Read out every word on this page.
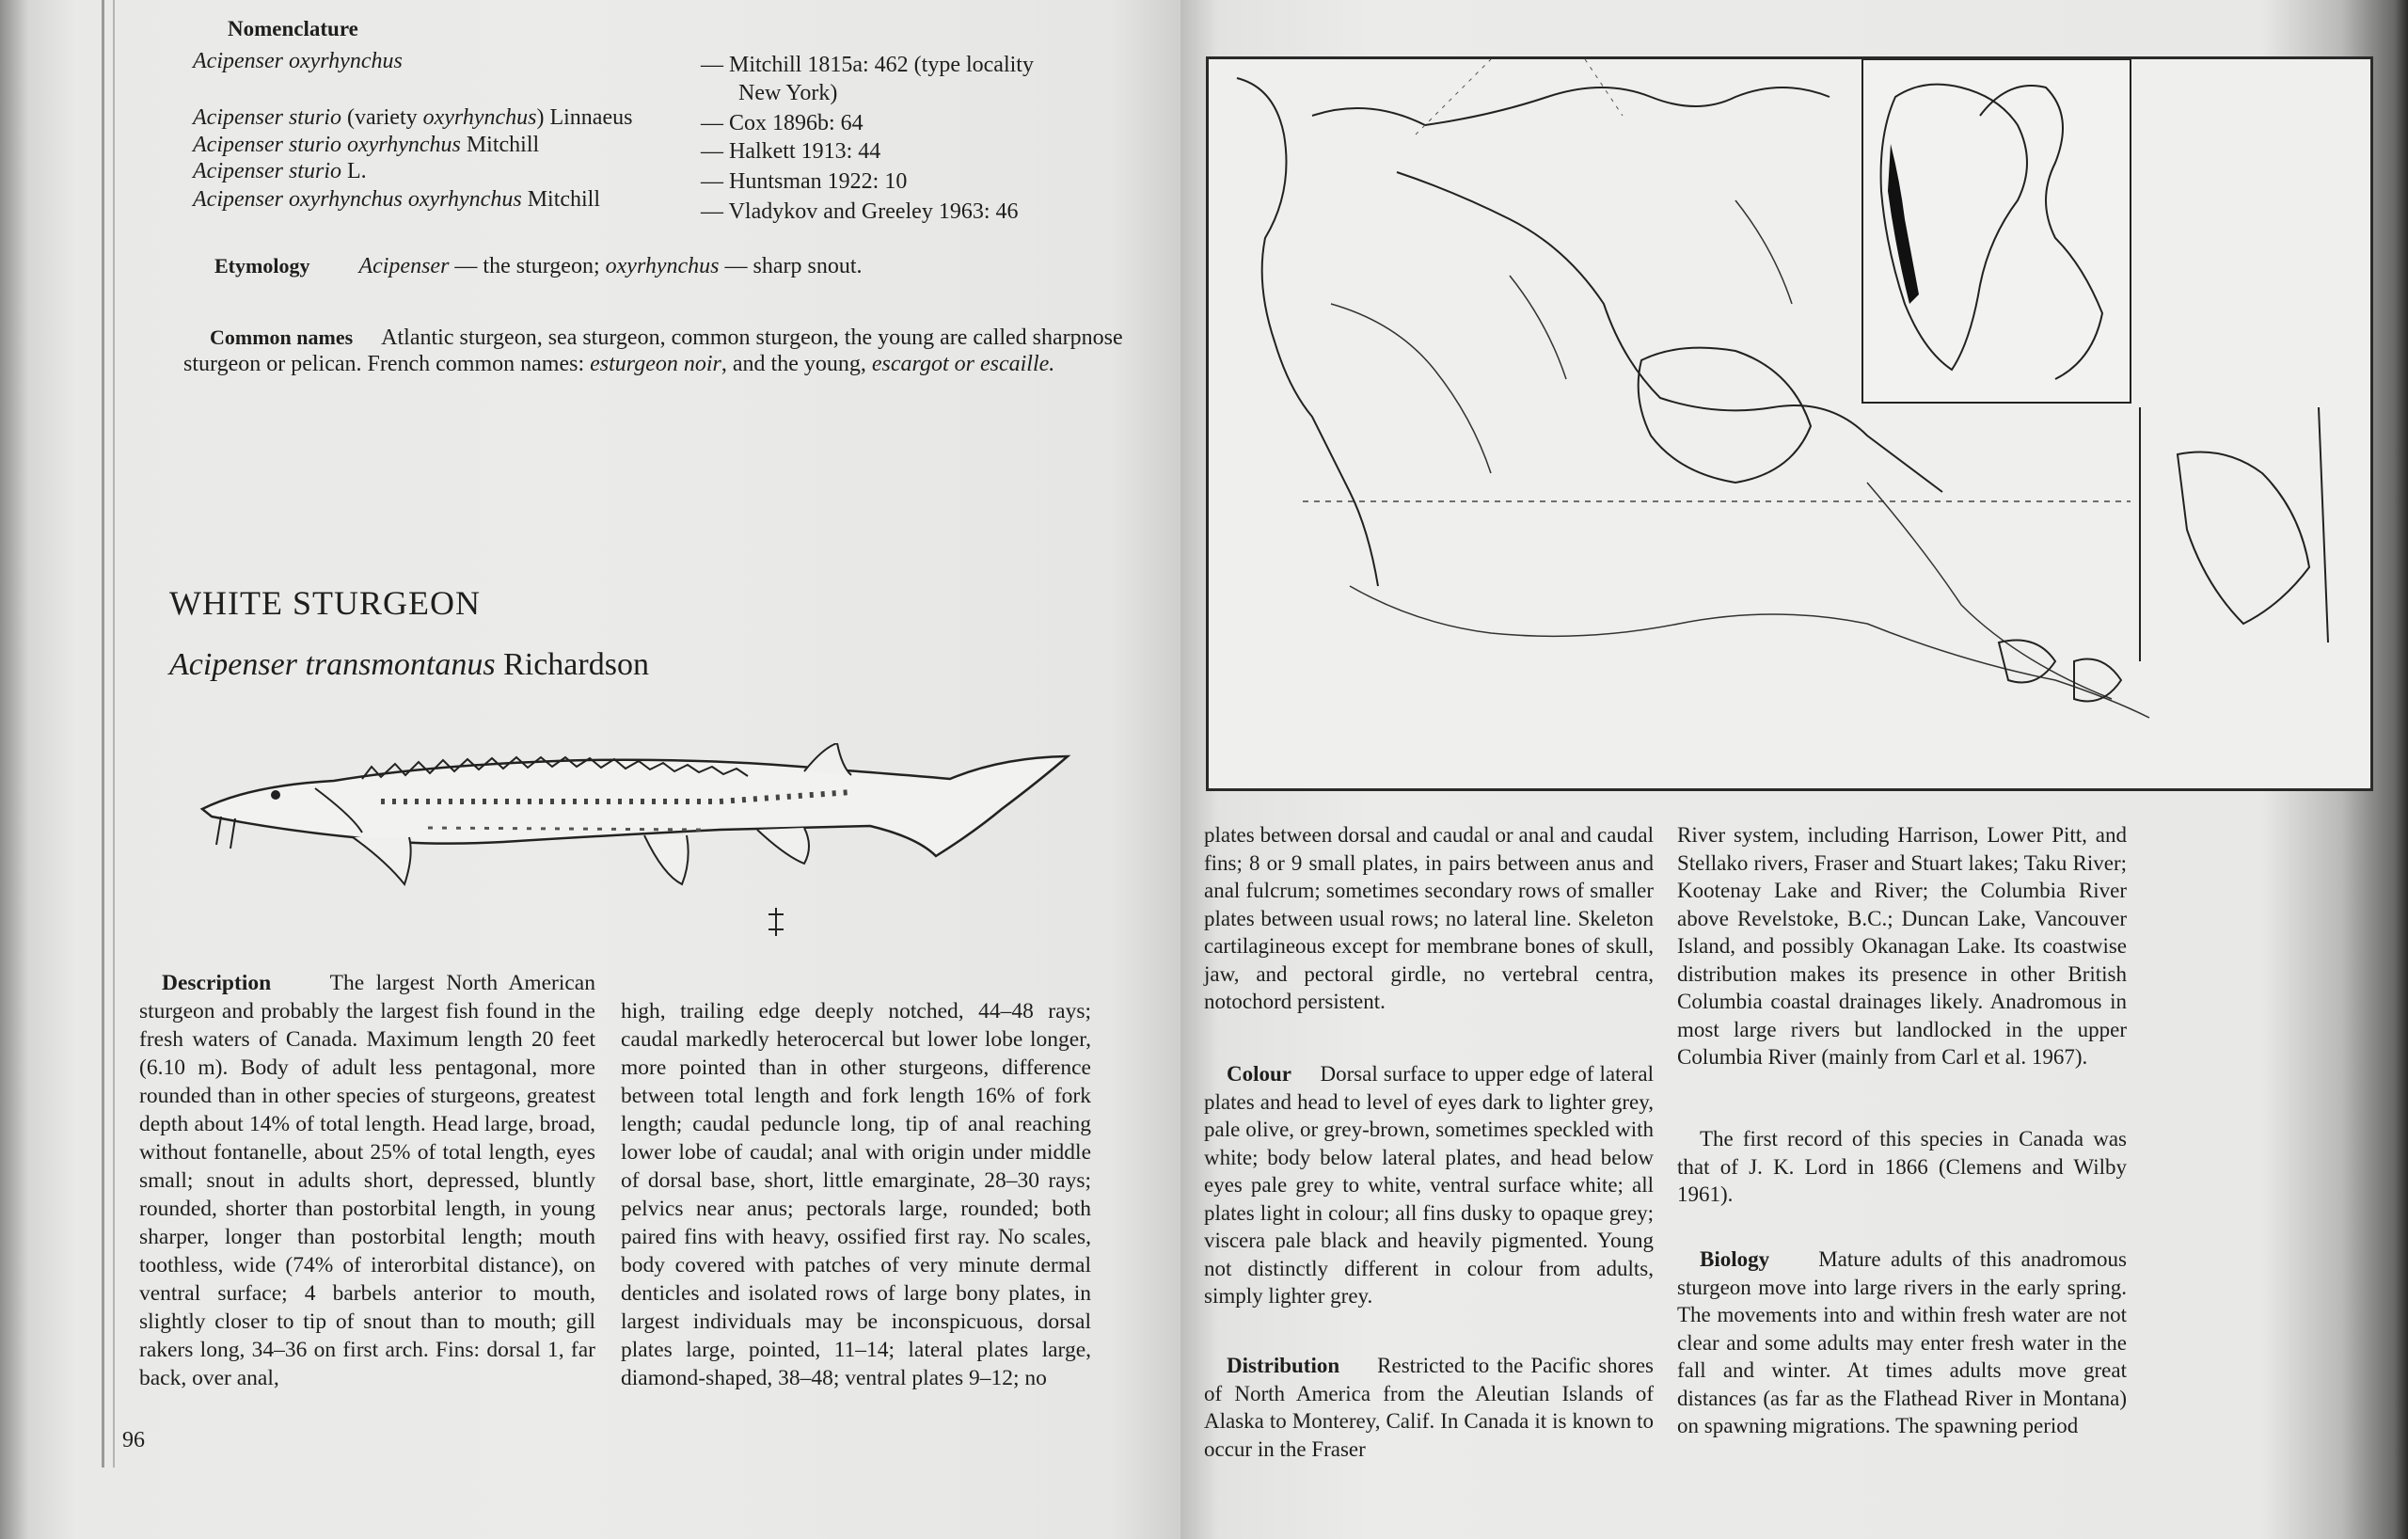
Nomenclature
Acipenser oxyrhynchus	— Mitchill 1815a: 462 (type locality
New York)
Acipenser sturio (variety oxyrhynchus) Linnaeus	— Cox 1896b: 64
Acipenser sturio oxyrhynchus Mitchill	— Halkett 1913: 44
Acipenser sturio L.	— Huntsman 1922: 10
Acipenser oxyrhynchus oxyrhynchus Mitchill	— Vladykov and Greeley 1963: 46
Etymology Acipenser — the sturgeon; oxyrhynchus — sharp snout.
Common names Atlantic sturgeon, sea sturgeon, common sturgeon, the young are called sharpnose sturgeon or pelican. French common names: esturgeon noir, and the young, escargot or escaille.
WHITE STURGEON
Acipenser transmontanus Richardson
Description	The largest North American sturgeon and probably the largest fish found in the fresh waters of Canada. Maximum length 20 feet (6.10 m). Body of adult less pentagonal, more rounded than in other species of sturgeons, greatest depth about 14% of total length. Head large, broad, without fontanelle, about 25% of total length, eyes small; snout in adults short, depressed, bluntly rounded, shorter than postorbital length, in young sharper, longer than postorbital length; mouth toothless, wide (74% of interorbital distance), on ventral surface; 4 barbels anterior to mouth, slightly closer to tip of snout than to mouth; gill rakers long, 34–36 on first arch. Fins: dorsal 1, far back, over anal,
high, trailing edge deeply notched, 44–48 rays; caudal markedly heterocercal but lower lobe longer, more pointed than in other sturgeons, difference between total length and fork length 16% of fork length; caudal peduncle long, tip of anal reaching lower lobe of caudal; anal with origin under middle of dorsal base, short, little emarginate, 28–30 rays; pelvics near anus; pectorals large, rounded; both paired fins with heavy, ossified first ray. No scales, body covered with patches of very minute dermal denticles and isolated rows of large bony plates, in largest individuals may be inconspicuous, dorsal plates large, pointed, 11–14; lateral plates large, diamond-shaped, 38–48; ventral plates 9–12; no
96
plates between dorsal and caudal or anal and caudal fins; 8 or 9 small plates, in pairs between anus and anal fulcrum; sometimes secondary rows of smaller plates between usual rows; no lateral line. Skeleton cartilagineous except for membrane bones of skull, jaw, and pectoral girdle, no vertebral centra, notochord persistent.
Colour Dorsal surface to upper edge of lateral plates and head to level of eyes dark to lighter grey, pale olive, or grey-brown, sometimes speckled with white; body below lateral plates, and head below eyes pale grey to white, ventral surface white; all plates light in colour; all fins dusky to opaque grey; viscera pale black and heavily pigmented. Young not distinctly different in colour from adults, simply lighter grey.
Distribution Restricted to the Pacific shores of North America from the Aleutian Islands of Alaska to Monterey, Calif. In Canada it is known to occur in the Fraser
River system, including Harrison, Lower Pitt, and Stellako rivers, Fraser and Stuart lakes; Taku River; Kootenay Lake and River; the Columbia River above Revelstoke, B.C.; Duncan Lake, Vancouver Island, and possibly Okanagan Lake. Its coastwise distribution makes its presence in other British Columbia coastal drainages likely. Anadromous in most large rivers but landlocked in the upper Columbia River (mainly from Carl et al. 1967).
The first record of this species in Canada was that of J. K. Lord in 1866 (Clemens and Wilby 1961).
Biology Mature adults of this anadromous sturgeon move into large rivers in the early spring. The movements into and within fresh water are not clear and some adults may enter fresh water in the fall and winter. At times adults move great distances (as far as the Flathead River in Montana) on spawning migrations. The spawning period
